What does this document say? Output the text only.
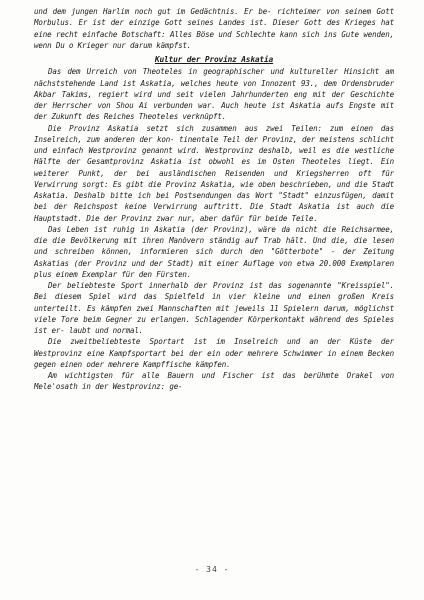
und dem jungen Harlim noch gut im Gedächtnis. Er be- richteimer von seinem Gott Morbulus. Er ist der einzige Gott seines Landes ist. Dieser Gott des Krieges hat eine recht einfache Botschaft: Alles Böse und Schlechte kann sich ins Gute wenden, wenn Du o Krieger nur darum kämpfst.

Kultur der Provinz Askatia

Das dem Urreich von Theoteles in geographischer und kultureller Hinsicht am nächststehende Land ist Askatia, welches heute von Innozent 93., dem Ordensbruder Akbar Takims, regiert wird und seit vielen Jahrhunderten eng mit der Geschichte der Herrscher von Shou Ai verbunden war. Auch heute ist Askatia aufs Engste mit der Zukunft des Reiches Theoteles verknüpft.

Die Provinz Askatia setzt sich zusammen aus zwei Teilen: zum einen das Inselreich, zum anderen der kon- tinentale Teil der Provinz, der meistens schlicht und einfach Westprovinz genannt wird. Westprovinz deshalb, weil es die westliche Hälfte der Gesamtprovinz Askatia ist obwohl es im Osten Theoteles liegt. Ein weiterer Punkt, der bei ausländischen Reisenden und Kriegsherren oft für Verwirrung sorgt: Es gibt die Provinz Askatia, wie oben beschrieben, und die Stadt Askatia. Deshalb bitte ich bei Postsendungen das Wort "Stadt" einzusfügen, damit bei der Reichspost keine Verwirrung auftritt. Die Stadt Askatia ist auch die Hauptstadt. Die der Provinz zwar nur, aber dafür für beide Teile.

Das Leben ist ruhig in Askatia (der Provinz), wäre da nicht die Reichsarmee, die die Bevölkerung mit ihren Manövern ständig auf Trab hält. Und die, die lesen und schreiben können, informieren sich durch den "Götterbote" - der Zeitung Askatias (der Provinz und der Stadt) mit einer Auflage von etwa 20.000 Exemplaren plus einem Exemplar für den Fürsten.

Der beliebteste Sport innerhalb der Provinz ist das sogenannte "Kreisspiel". Bei diesem Spiel wird das Spielfeld in vier kleine und einen großen Kreis unterteilt. Es kämpfen zwei Mannschaften mit jeweils 11 Spielern darum, möglichst viele Tore beim Gegner zu erlangen. Schlagender Körperkontakt während des Spieles ist er- laubt und normal.

Die zweitbeliebteste Sportart ist im Inselreich und an der Küste der Westprovinz eine Kampfsportart bei der ein oder mehrere Schwimmer in einem Becken gegen einen oder mehrere Kampffische kämpfen.

Am wichtigsten für alle Bauern und Fischer ist das berühmte Orakel von Mele'osath in der Westprovinz: ge-

- 34 -
